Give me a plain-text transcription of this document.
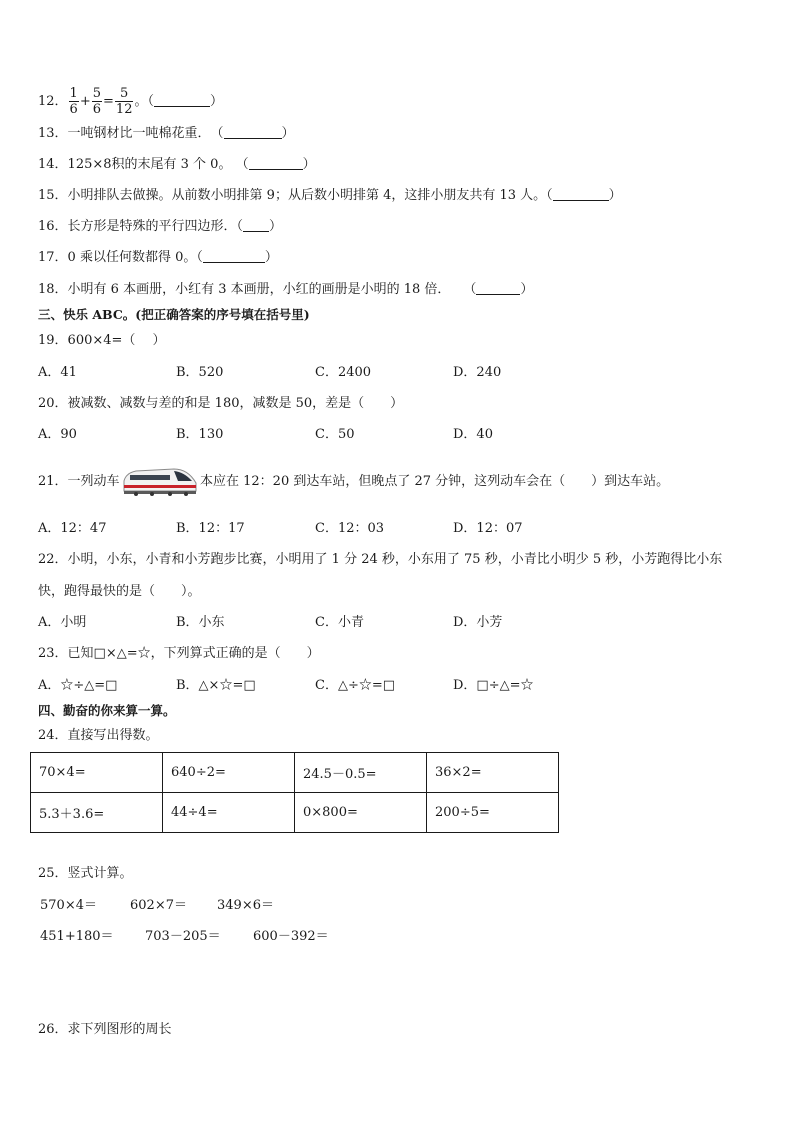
12． $\frac{1}{6} + \frac{5}{6} = \frac{5}{12}$ 。（	）
13．一吨钢材比一吨棉花重．　（	）
14．125×8积的末尾有 3 个 0。 （	）
15．小明排队去做操。从前数小明排第 9；从后数小明排第 4，这排小朋友共有 13 人。（	）
16．长方形是特殊的平行四边形．（ ）
17．0 乘以任何数都得 0。（	）
18．小明有 6 本画册，小红有 3 本画册，小红的画册是小明的 18 倍．　　（	）
三、快乐 ABC。(把正确答案的序号填在括号里)
19．600×4=（　 ）
A．41	B．520	C．2400	D．240
20．被减数、减数与差的和是 180，减数是 50，差是（　　）
A．90	B．130	C．50	D．40
21．一列动车	本应在 12：20 到达车站，但晚点了 27 分钟，这列动车会在（　　）到达车站。
A．12：47	B．12：17	C．12：03	D．12：07
22．小明，小东，小青和小芳跑步比赛，小明用了 1 分 24 秒，小东用了 75 秒，小青比小明少 5 秒，小芳跑得比小东
快，跑得最快的是（　　）。
A．小明	B．小东	C．小青	D．小芳
23．已知□×△=☆，下列算式正确的是（　　）
A．☆÷△=□	B．△×☆=□	C．△÷☆=□	D．□÷△=☆
四、勤奋的你来算一算。
24．直接写出得数。
70×4=	640÷2=	24.5－0.5=	36×2=
5.3＋3.6=	44÷4=	0×800=	200÷5=
25．竖式计算。
570×4＝	602×7＝ 349×6＝
451+180＝ 703－205＝ 600－392＝
26．求下列图形的周长
